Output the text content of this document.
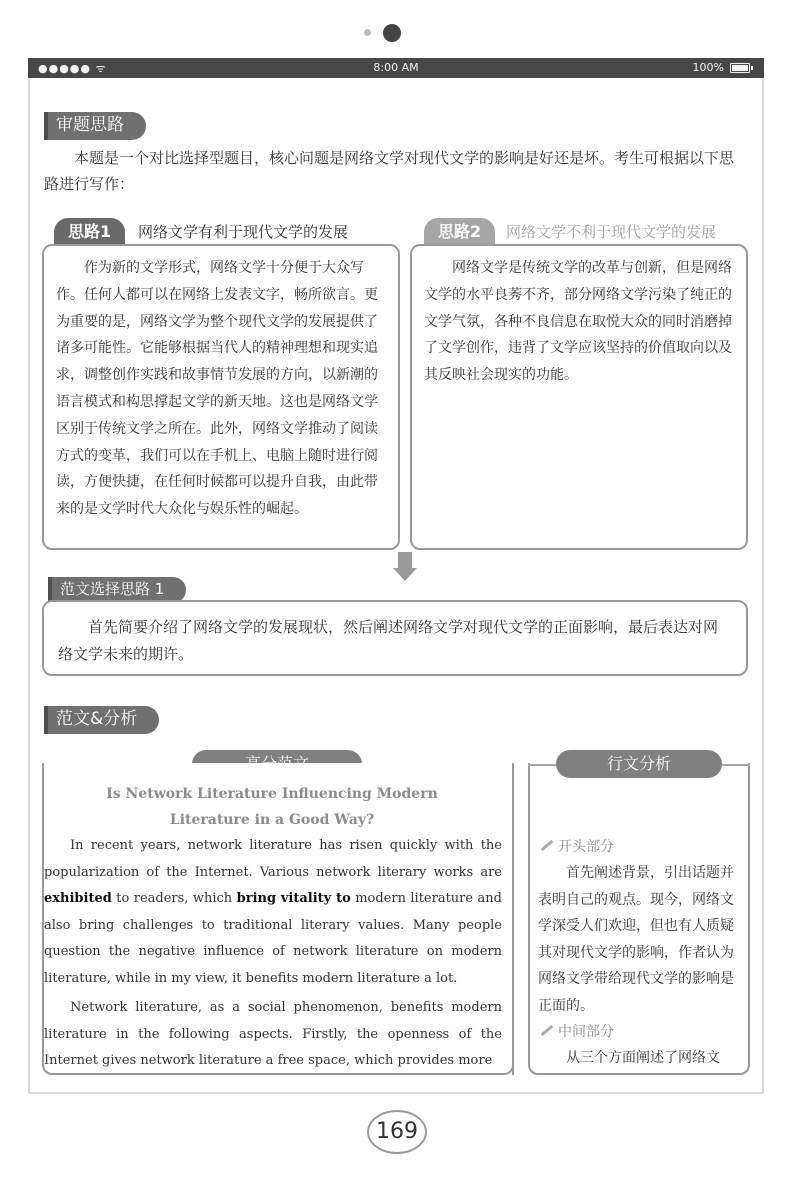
●●●●● ᯤ	8:00 AM	100%
审题思路

本题是一个对比选择型题目，核心问题是网络文学对现代文学的影响是好还是坏。考生可根据以下思路进行写作：

思路1	网络文学有利于现代文学的发展

作为新的文学形式，网络文学十分便于大众写作。任何人都可以在网络上发表文字，畅所欲言。更为重要的是，网络文学为整个现代文学的发展提供了诸多可能性。它能够根据当代人的精神理想和现实追求，调整创作实践和故事情节发展的方向，以新潮的语言模式和构思撑起文学的新天地。这也是网络文学区别于传统文学之所在。此外，网络文学推动了阅读方式的变革，我们可以在手机上、电脑上随时进行阅读，方便快捷，在任何时候都可以提升自我，由此带来的是文学时代大众化与娱乐性的崛起。

思路2	网络文学不利于现代文学的发展

网络文学是传统文学的改革与创新，但是网络文学的水平良莠不齐，部分网络文学污染了纯正的文学气氛，各种不良信息在取悦大众的同时消磨掉了文学创作，违背了文学应该坚持的价值取向以及其反映社会现实的功能。

范文选择思路 1

首先简要介绍了网络文学的发展现状，然后阐述网络文学对现代文学的正面影响，最后表达对网络文学未来的期许。

范文&分析
Is Network Literature Influencing Modern
Literature in a Good Way?

In recent years, network literature has risen quickly with the popularization of the Internet. Various network literary works are exhibited to readers, which bring vitality to modern literature and also bring challenges to traditional literary values. Many people question the negative influence of network literature on modern literature, while in my view, it benefits modern literature a lot.

Network literature, as a social phenomenon, benefits modern literature in the following aspects. Firstly, the openness of the Internet gives network literature a free space, which provides more

行文分析
开头部分

首先阐述背景，引出话题并表明自己的观点。现今，网络文学深受人们欢迎，但也有人质疑其对现代文学的影响，作者认为网络文学带给现代文学的影响是正面的。

中间部分

从三个方面阐述了网络文

169
